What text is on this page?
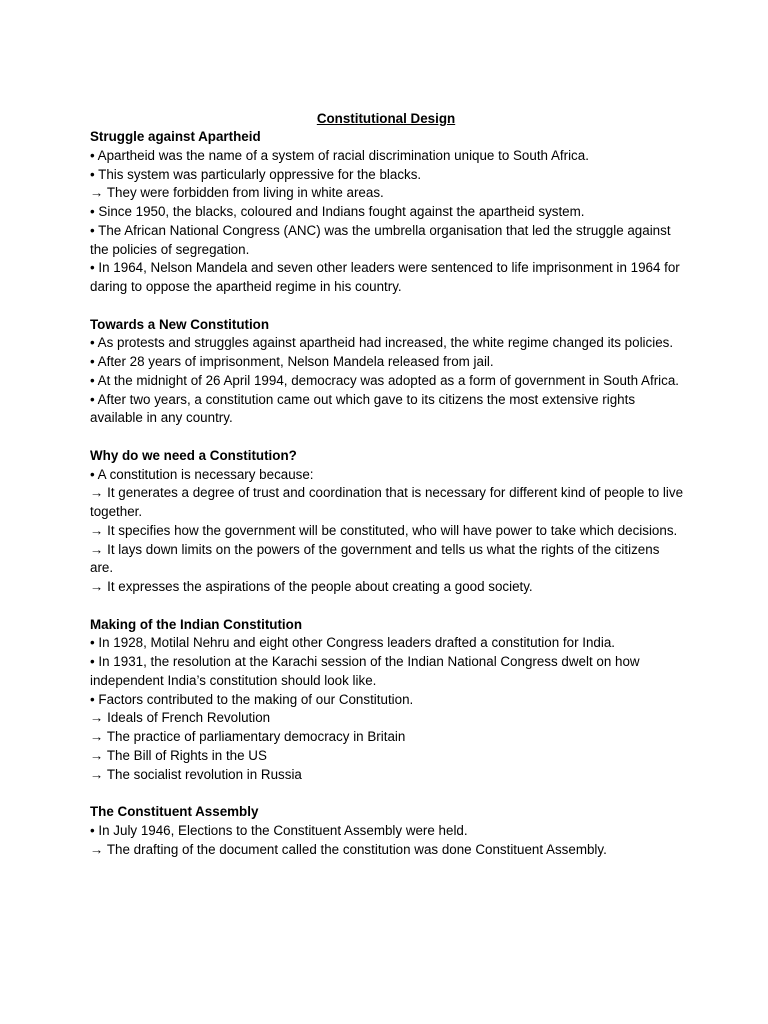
Constitutional Design

Struggle against Apartheid

• Apartheid was the name of a system of racial discrimination unique to South Africa.

• This system was particularly oppressive for the blacks.

→ They were forbidden from living in white areas.

• Since 1950, the blacks, coloured and Indians fought against the apartheid system.

• The African National Congress (ANC) was the umbrella organisation that led the struggle against the policies of segregation.

• In 1964, Nelson Mandela and seven other leaders were sentenced to life imprisonment in 1964 for daring to oppose the apartheid regime in his country.

Towards a New Constitution

• As protests and struggles against apartheid had increased, the white regime changed its policies.

• After 28 years of imprisonment, Nelson Mandela released from jail.

• At the midnight of 26 April 1994, democracy was adopted as a form of government in South Africa.

• After two years, a constitution came out which gave to its citizens the most extensive rights available in any country.

Why do we need a Constitution?

• A constitution is necessary because:

→ It generates a degree of trust and coordination that is necessary for different kind of people to live together.

→ It specifies how the government will be constituted, who will have power to take which decisions.

→ It lays down limits on the powers of the government and tells us what the rights of the citizens are.

→ It expresses the aspirations of the people about creating a good society.

Making of the Indian Constitution

• In 1928, Motilal Nehru and eight other Congress leaders drafted a constitution for India.

• In 1931, the resolution at the Karachi session of the Indian National Congress dwelt on how independent India’s constitution should look like.

• Factors contributed to the making of our Constitution.

→ Ideals of French Revolution

→ The practice of parliamentary democracy in Britain

→ The Bill of Rights in the US

→ The socialist revolution in Russia

The Constituent Assembly

• In July 1946, Elections to the Constituent Assembly were held.

→ The drafting of the document called the constitution was done Constituent Assembly.
